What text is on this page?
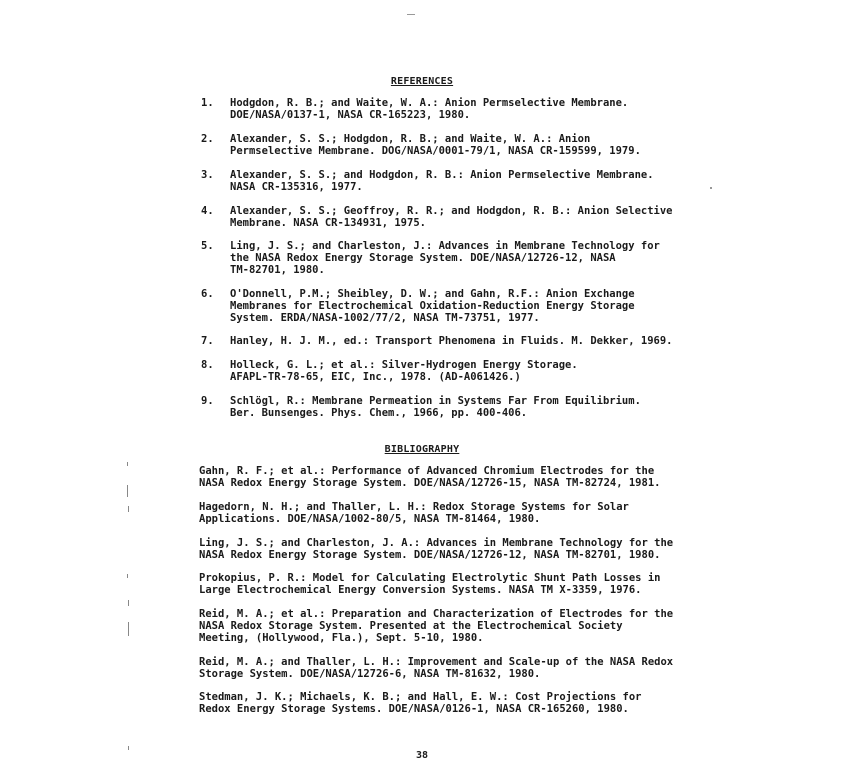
REFERENCES
1.	Hodgdon, R. B.; and Waite, W. A.: Anion Permselective Membrane.
DOE/NASA/0137-1, NASA CR-165223, 1980.
2.	Alexander, S. S.; Hodgdon, R. B.; and Waite, W. A.: Anion
Permselective Membrane. DOG/NASA/0001-79/1, NASA CR-159599, 1979.
3.	Alexander, S. S.; and Hodgdon, R. B.: Anion Permselective Membrane.
NASA CR-135316, 1977.
4.	Alexander, S. S.; Geoffroy, R. R.; and Hodgdon, R. B.: Anion Selective
Membrane. NASA CR-134931, 1975.
5.	Ling, J. S.; and Charleston, J.: Advances in Membrane Technology for
the NASA Redox Energy Storage System. DOE/NASA/12726-12, NASA
TM-82701, 1980.
6.	O'Donnell, P.M.; Sheibley, D. W.; and Gahn, R.F.: Anion Exchange
Membranes for Electrochemical Oxidation-Reduction Energy Storage
System. ERDA/NASA-1002/77/2, NASA TM-73751, 1977.
7.	Hanley, H. J. M., ed.: Transport Phenomena in Fluids. M. Dekker, 1969.
8.	Holleck, G. L.; et al.: Silver-Hydrogen Energy Storage.
AFAPL-TR-78-65, EIC, Inc., 1978. (AD-A061426.)
9.	Schlögl, R.: Membrane Permeation in Systems Far From Equilibrium.
Ber. Bunsenges. Phys. Chem., 1966, pp. 400-406.
BIBLIOGRAPHY
Gahn, R. F.; et al.: Performance of Advanced Chromium Electrodes for the
NASA Redox Energy Storage System. DOE/NASA/12726-15, NASA TM-82724, 1981.
Hagedorn, N. H.; and Thaller, L. H.: Redox Storage Systems for Solar
Applications. DOE/NASA/1002-80/5, NASA TM-81464, 1980.
Ling, J. S.; and Charleston, J. A.: Advances in Membrane Technology for the
NASA Redox Energy Storage System. DOE/NASA/12726-12, NASA TM-82701, 1980.
Prokopius, P. R.: Model for Calculating Electrolytic Shunt Path Losses in
Large Electrochemical Energy Conversion Systems. NASA TM X-3359, 1976.
Reid, M. A.; et al.: Preparation and Characterization of Electrodes for the
NASA Redox Storage System. Presented at the Electrochemical Society
Meeting, (Hollywood, Fla.), Sept. 5-10, 1980.
Reid, M. A.; and Thaller, L. H.: Improvement and Scale-up of the NASA Redox
Storage System. DOE/NASA/12726-6, NASA TM-81632, 1980.
Stedman, J. K.; Michaels, K. B.; and Hall, E. W.: Cost Projections for
Redox Energy Storage Systems. DOE/NASA/0126-1, NASA CR-165260, 1980.
38
